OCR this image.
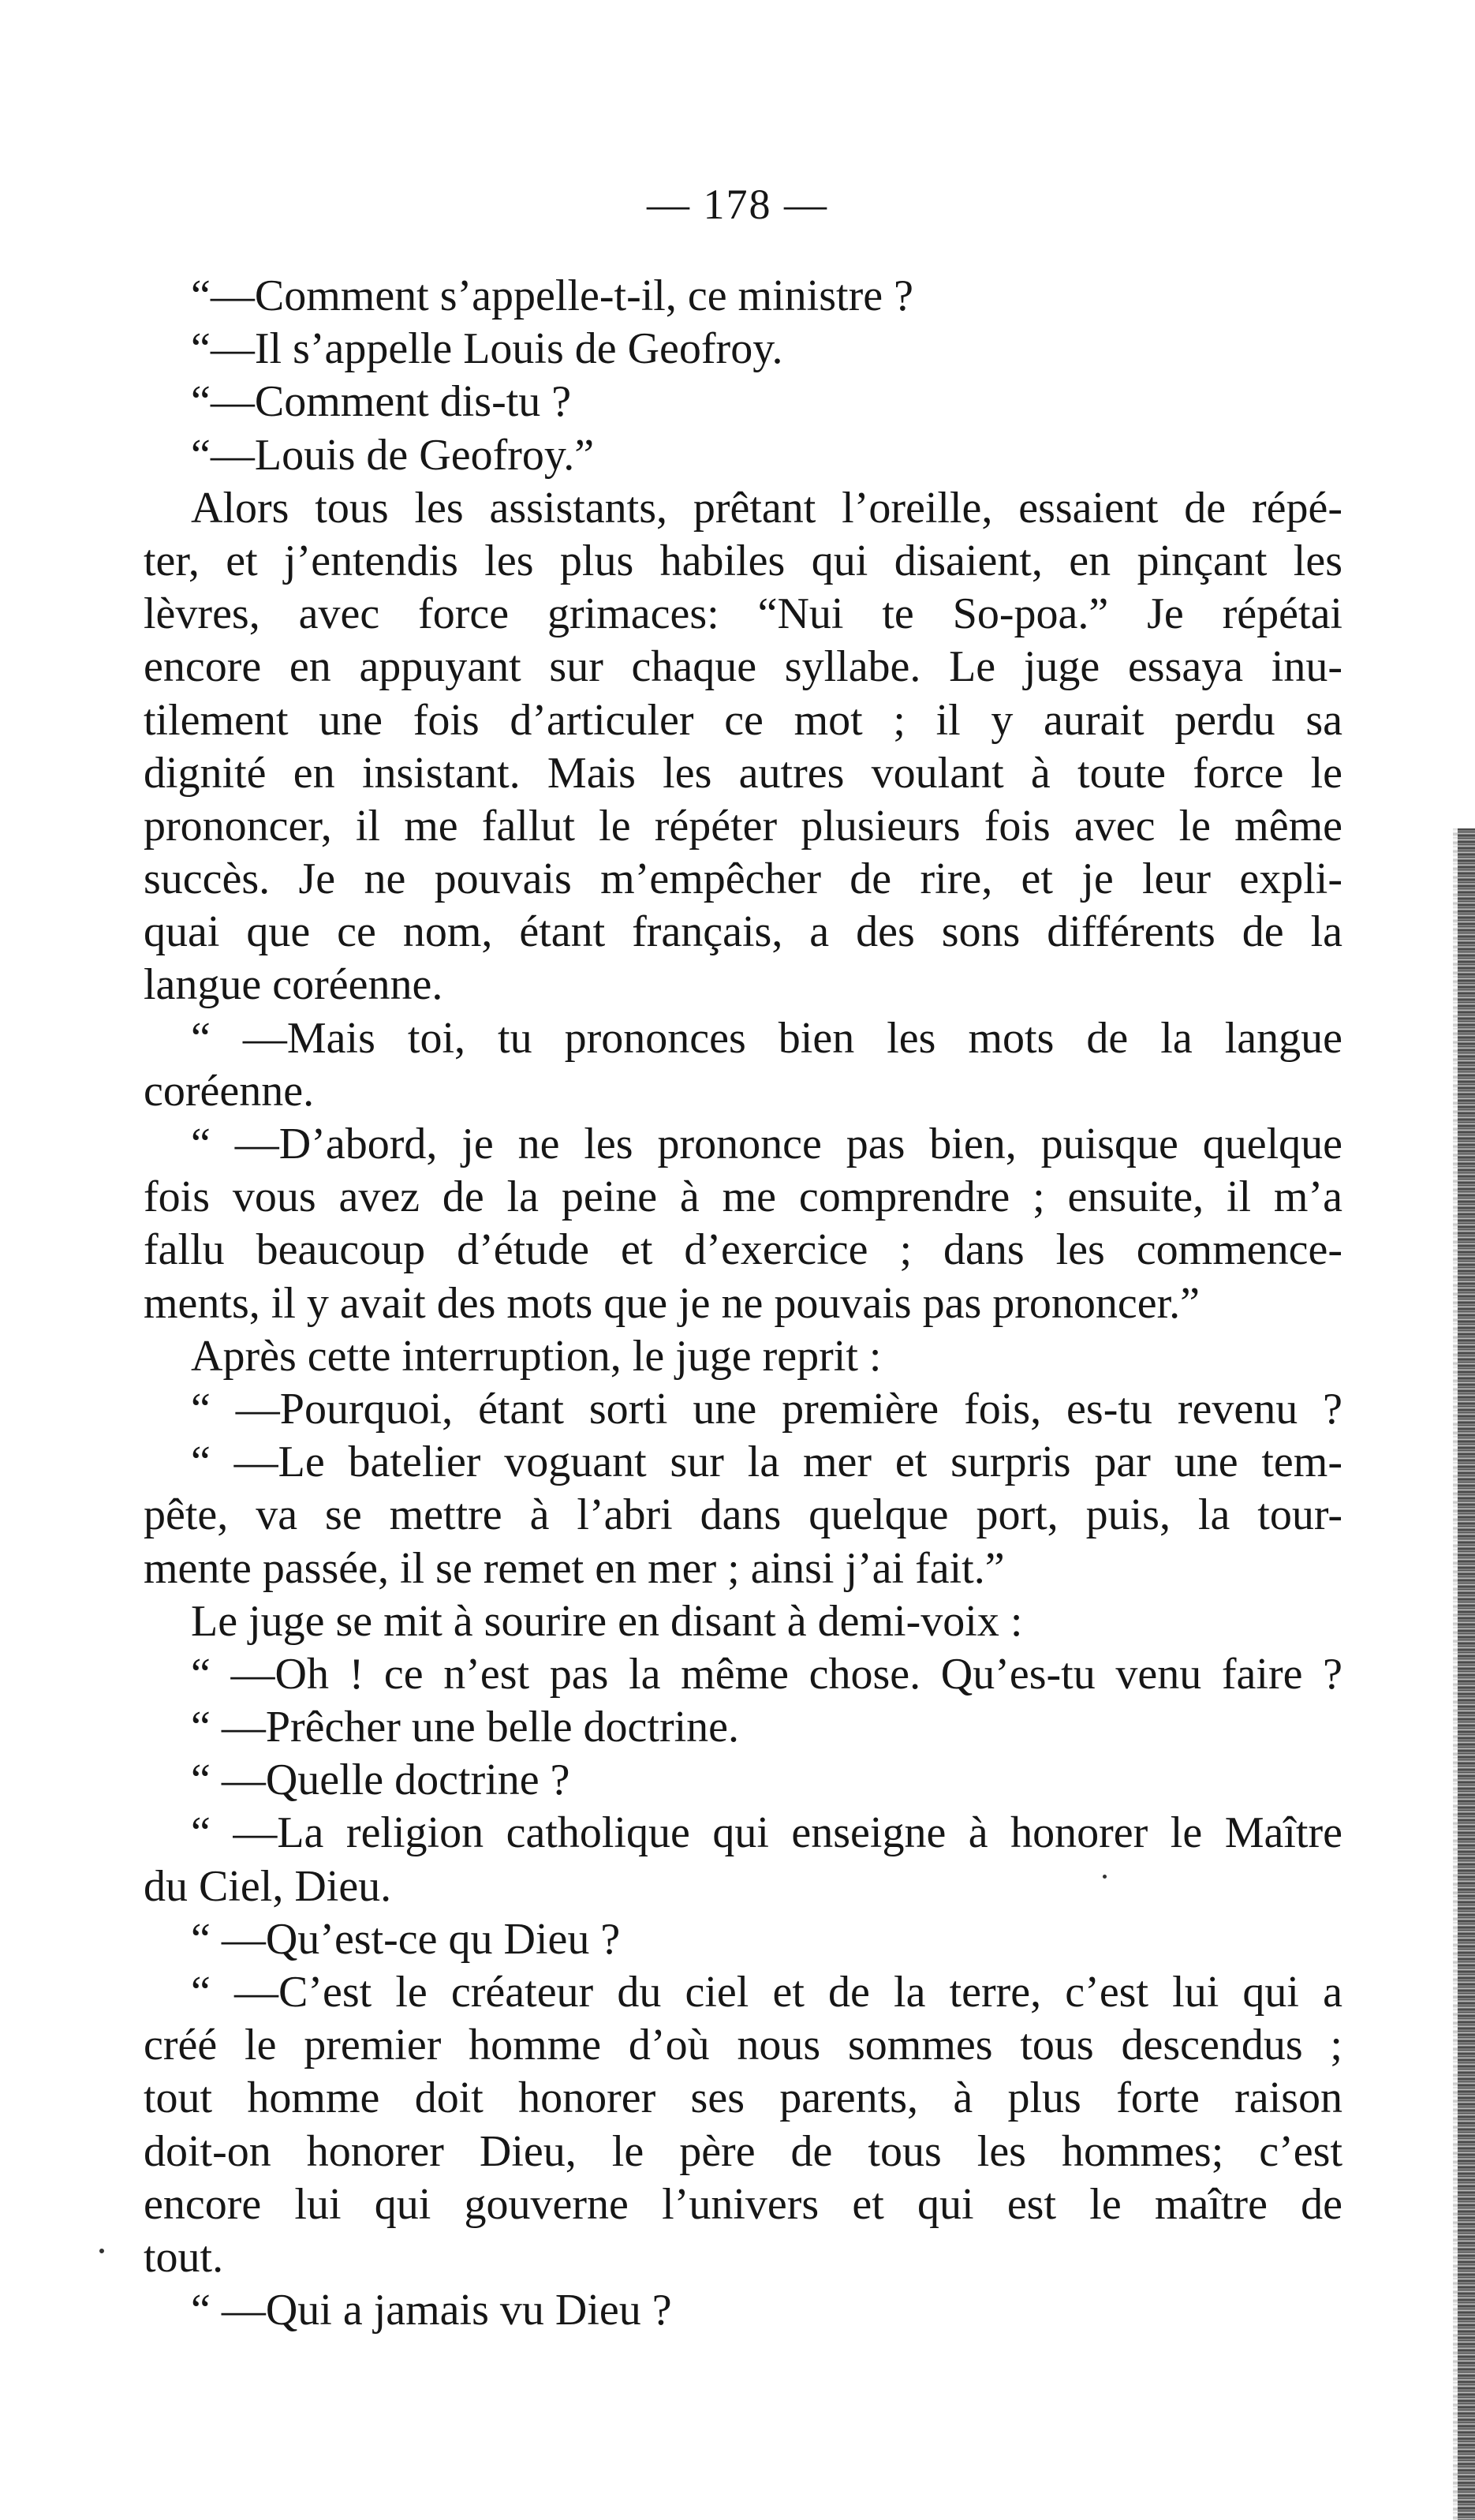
— 178 —
“—Comment s’appelle-t-il, ce ministre ?
“—Il s’appelle Louis de Geofroy.
“—Comment dis-tu ?
“—Louis de Geofroy.”
Alors tous les assistants, prêtant l’oreille, essaient de répé-
ter, et j’entendis les plus habiles qui disaient, en pinçant les
lèvres, avec force grimaces: “Nui te So-poa.” Je répétai
encore en appuyant sur chaque syllabe. Le juge essaya inu-
tilement une fois d’articuler ce mot ; il y aurait perdu sa
dignité en insistant. Mais les autres voulant à toute force le
prononcer, il me fallut le répéter plusieurs fois avec le même
succès. Je ne pouvais m’empêcher de rire, et je leur expli-
quai que ce nom, étant français, a des sons différents de la
langue coréenne.
“ —Mais toi, tu prononces bien les mots de la langue
coréenne.
“ —D’abord, je ne les prononce pas bien, puisque quelque
fois vous avez de la peine à me comprendre ; ensuite, il m’a
fallu beaucoup d’étude et d’exercice ; dans les commence-
ments, il y avait des mots que je ne pouvais pas prononcer.”
Après cette interruption, le juge reprit :
“ —Pourquoi, étant sorti une première fois, es-tu revenu ?
“ —Le batelier voguant sur la mer et surpris par une tem-
pête, va se mettre à l’abri dans quelque port, puis, la tour-
mente passée, il se remet en mer ; ainsi j’ai fait.”
Le juge se mit à sourire en disant à demi-voix :
“ —Oh ! ce n’est pas la même chose. Qu’es-tu venu faire ?
“ —Prêcher une belle doctrine.
“ —Quelle doctrine ?
“ —La religion catholique qui enseigne à honorer le Maître
du Ciel, Dieu.
“ —Qu’est-ce qu Dieu ?
“ —C’est le créateur du ciel et de la terre, c’est lui qui a
créé le premier homme d’où nous sommes tous descendus ;
tout homme doit honorer ses parents, à plus forte raison
doit-on honorer Dieu, le père de tous les hommes; c’est
encore lui qui gouverne l’univers et qui est le maître de
tout.
“ —Qui a jamais vu Dieu ?
